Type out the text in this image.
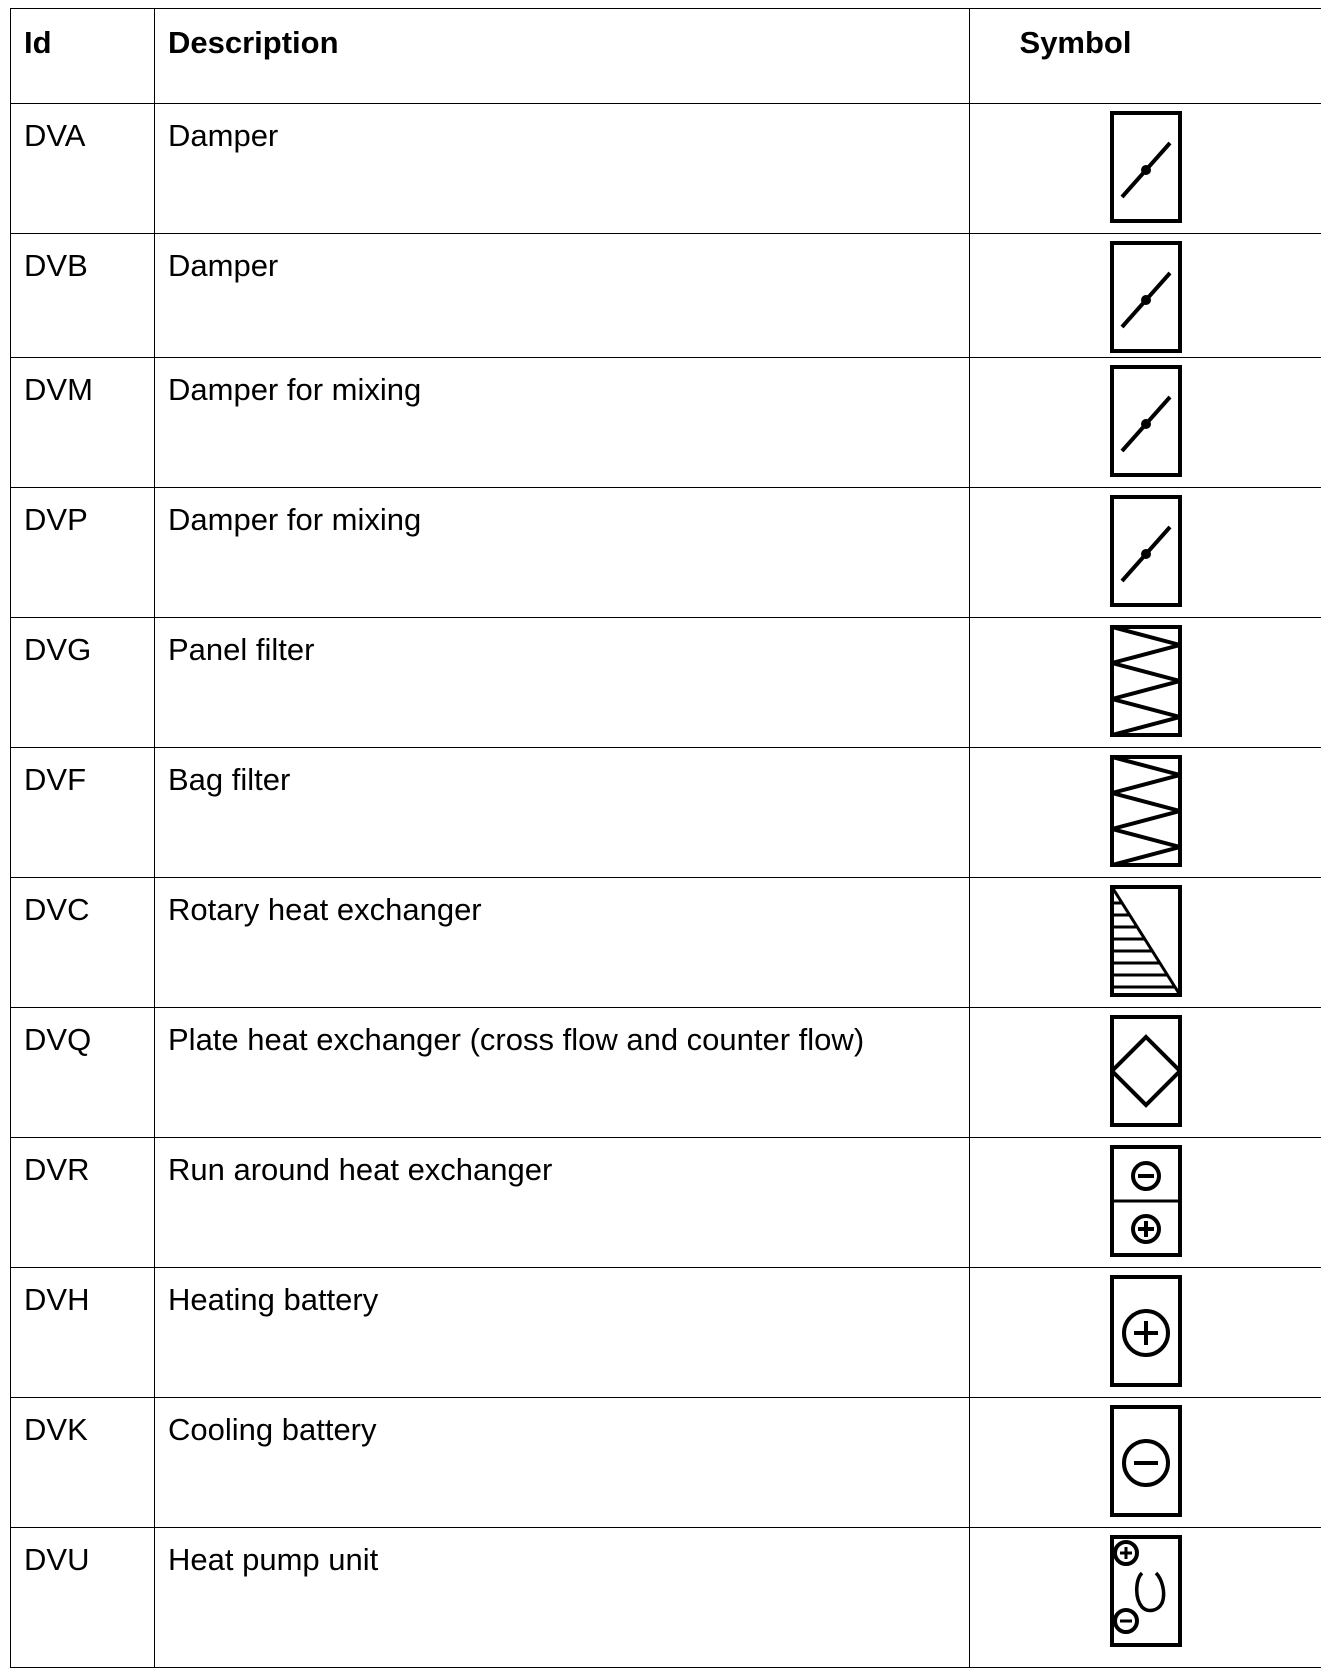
Id	Description	Symbol

DVA	Damper

DVB	Damper

DVM	Damper for mixing

DVP	Damper for mixing

DVG	Panel filter

DVF	Bag filter

DVC	Rotary heat exchanger

DVQ	Plate heat exchanger (cross flow and counter flow)

DVR	Run around heat exchanger

DVH	Heating battery

DVK	Cooling battery

DVU	Heat pump unit
